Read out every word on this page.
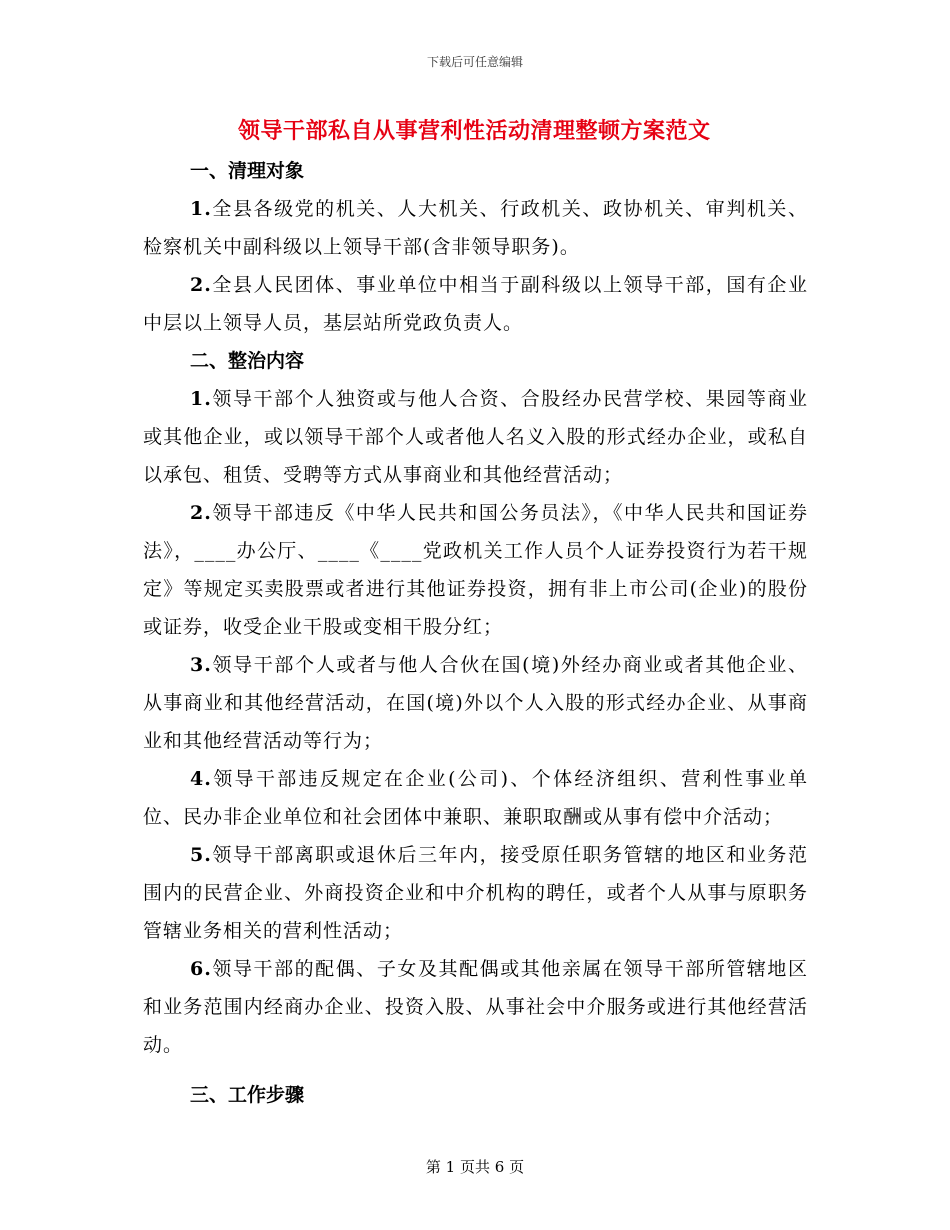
下载后可任意编辑
领导干部私自从事营利性活动清理整顿方案范文
一、清理对象

1.全县各级党的机关、人大机关、行政机关、政协机关、审判机关、检察机关中副科级以上领导干部(含非领导职务)。

2.全县人民团体、事业单位中相当于副科级以上领导干部，国有企业中层以上领导人员，基层站所党政负责人。

二、整治内容

1.领导干部个人独资或与他人合资、合股经办民营学校、果园等商业或其他企业，或以领导干部个人或者他人名义入股的形式经办企业，或私自以承包、租赁、受聘等方式从事商业和其他经营活动；

2.领导干部违反《中华人民共和国公务员法》，《中华人民共和国证券法》，____办公厅、____《____党政机关工作人员个人证券投资行为若干规定》等规定买卖股票或者进行其他证券投资，拥有非上市公司(企业)的股份或证券，收受企业干股或变相干股分红；

3.领导干部个人或者与他人合伙在国(境)外经办商业或者其他企业、从事商业和其他经营活动，在国(境)外以个人入股的形式经办企业、从事商业和其他经营活动等行为；

4.领导干部违反规定在企业(公司)、个体经济组织、营利性事业单位、民办非企业单位和社会团体中兼职、兼职取酬或从事有偿中介活动；

5.领导干部离职或退休后三年内，接受原任职务管辖的地区和业务范围内的民营企业、外商投资企业和中介机构的聘任，或者个人从事与原职务管辖业务相关的营利性活动；

6.领导干部的配偶、子女及其配偶或其他亲属在领导干部所管辖地区和业务范围内经商办企业、投资入股、从事社会中介服务或进行其他经营活动。

三、工作步骤
第 1 页共 6 页
